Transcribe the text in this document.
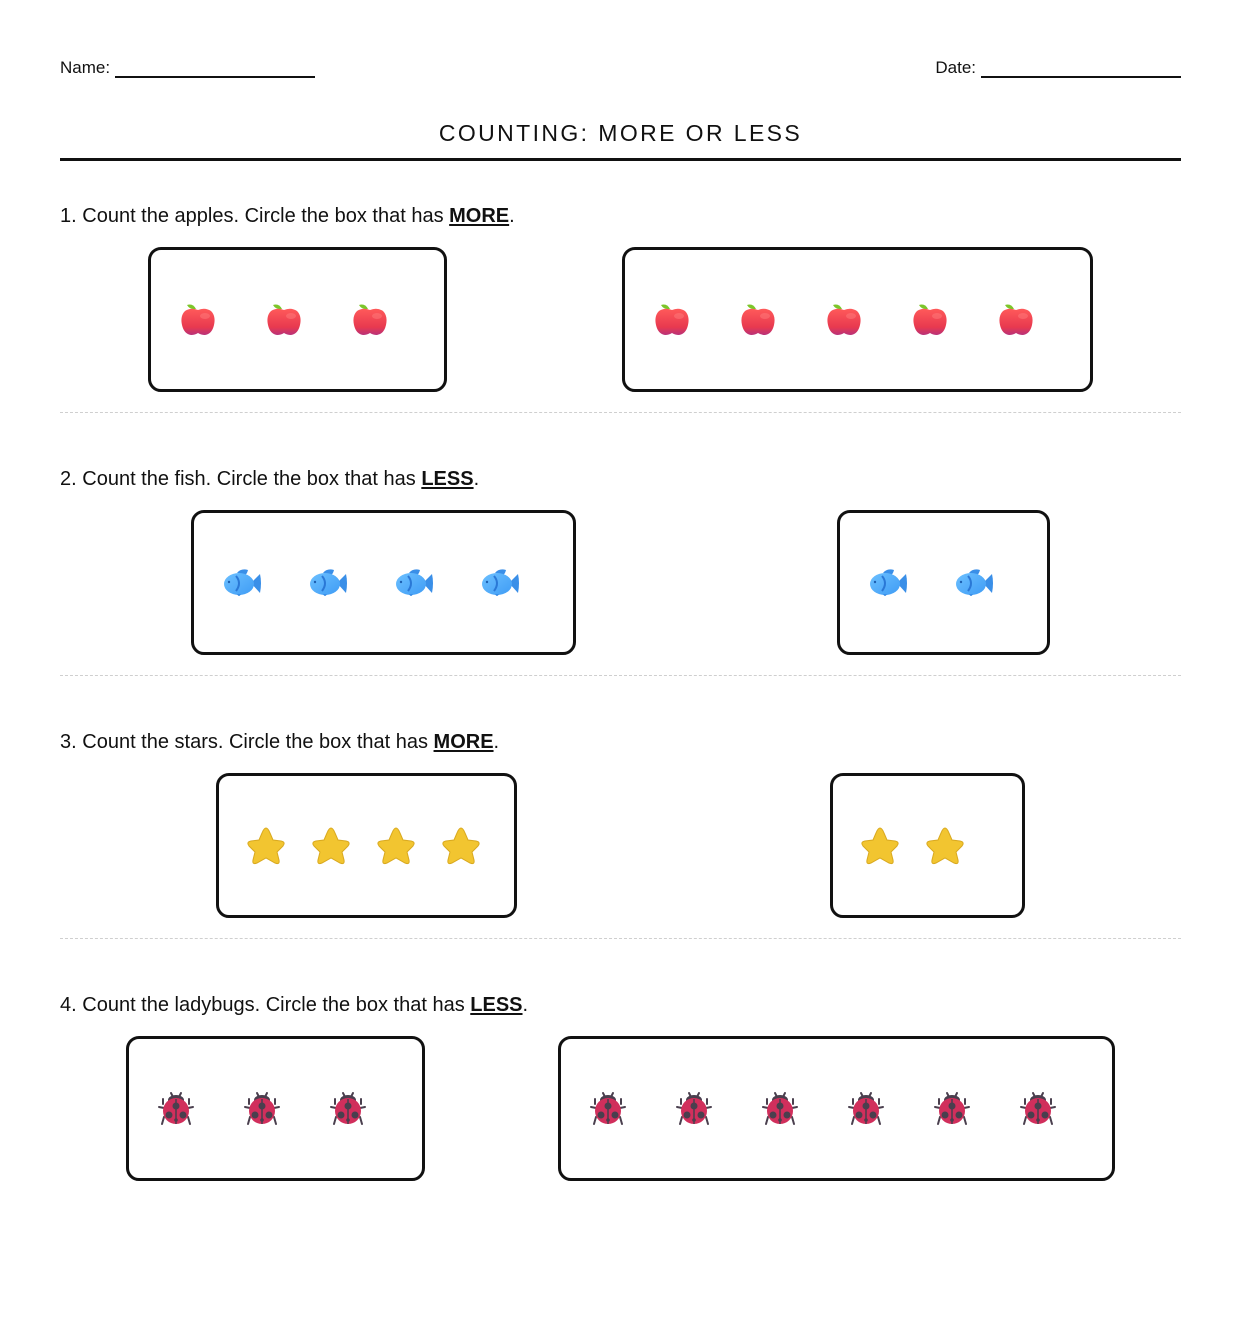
Name:	Date:
COUNTING: MORE OR LESS
1. Count the apples. Circle the box that has MORE.
2. Count the fish. Circle the box that has LESS.
3. Count the stars. Circle the box that has MORE.
4. Count the ladybugs. Circle the box that has LESS.
